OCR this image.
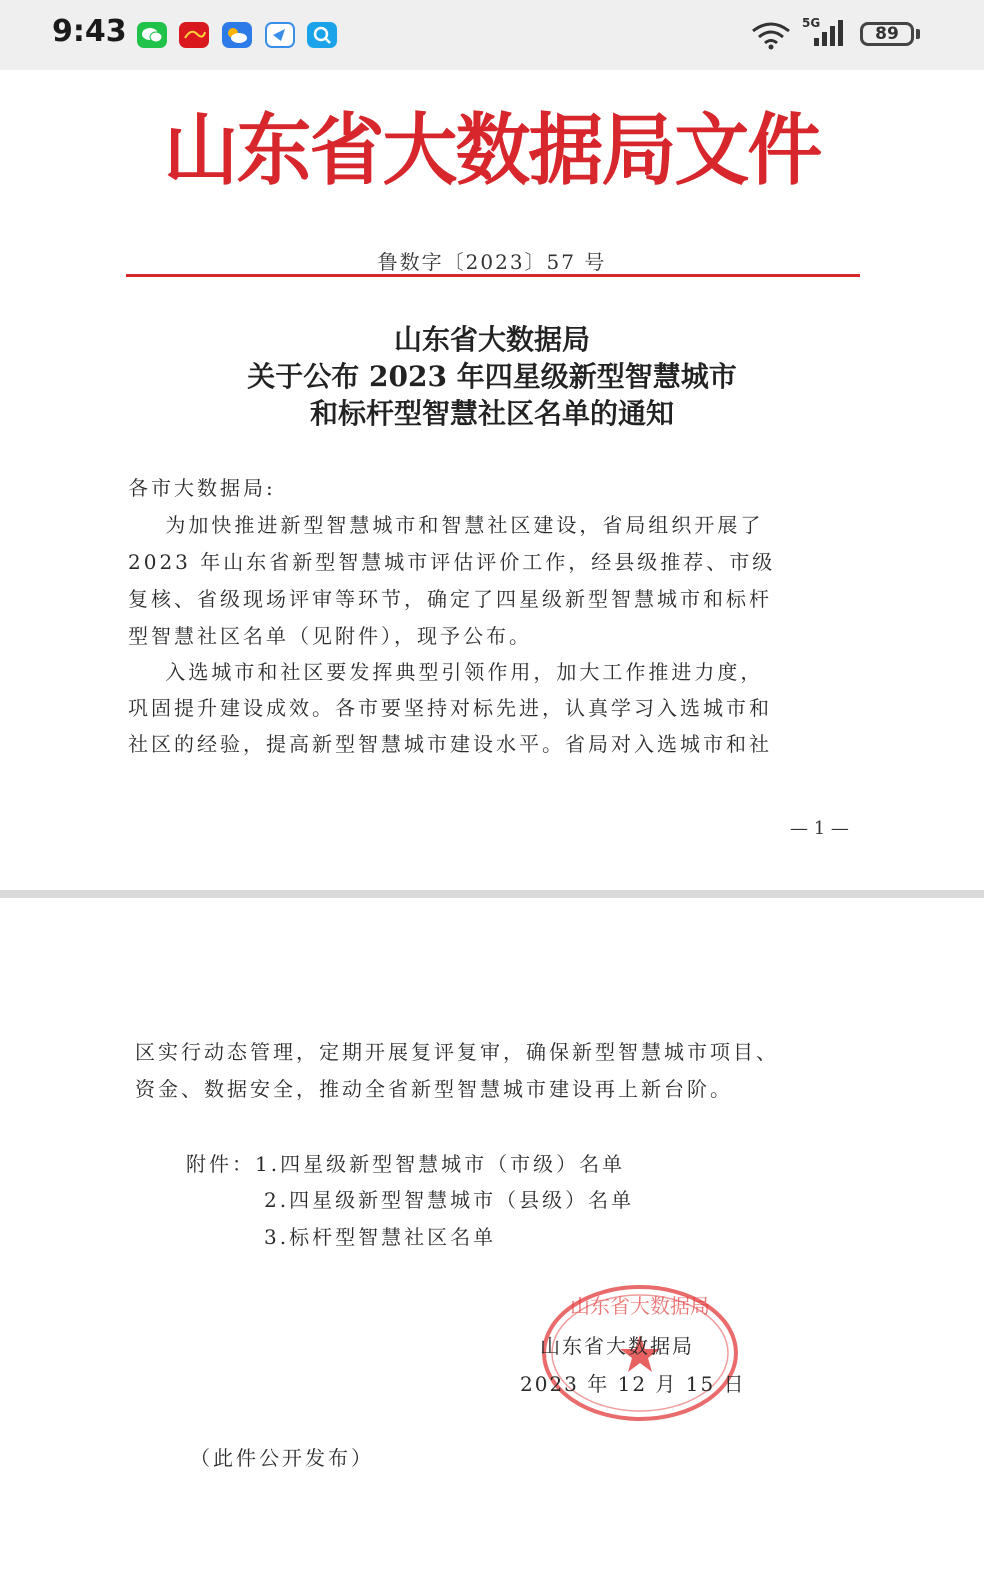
9:43	5G
89
山东省大数据局文件
鲁数字〔2023〕57 号
山东省大数据局
关于公布 2023 年四星级新型智慧城市
和标杆型智慧社区名单的通知
各市大数据局:
为加快推进新型智慧城市和智慧社区建设，省局组织开展了
2023 年山东省新型智慧城市评估评价工作，经县级推荐、市级
复核、省级现场评审等环节，确定了四星级新型智慧城市和标杆
型智慧社区名单（见附件），现予公布。
入选城市和社区要发挥典型引领作用，加大工作推进力度，
巩固提升建设成效。各市要坚持对标先进，认真学习入选城市和
社区的经验，提高新型智慧城市建设水平。省局对入选城市和社
— 1 —
区实行动态管理，定期开展复评复审，确保新型智慧城市项目、
资金、数据安全，推动全省新型智慧城市建设再上新台阶。
附件：1.四星级新型智慧城市（市级）名单
2.四星级新型智慧城市（县级）名单
3.标杆型智慧社区名单
山东省大数据局
山东省大数据局
2023 年 12 月 15 日
（此件公开发布）
